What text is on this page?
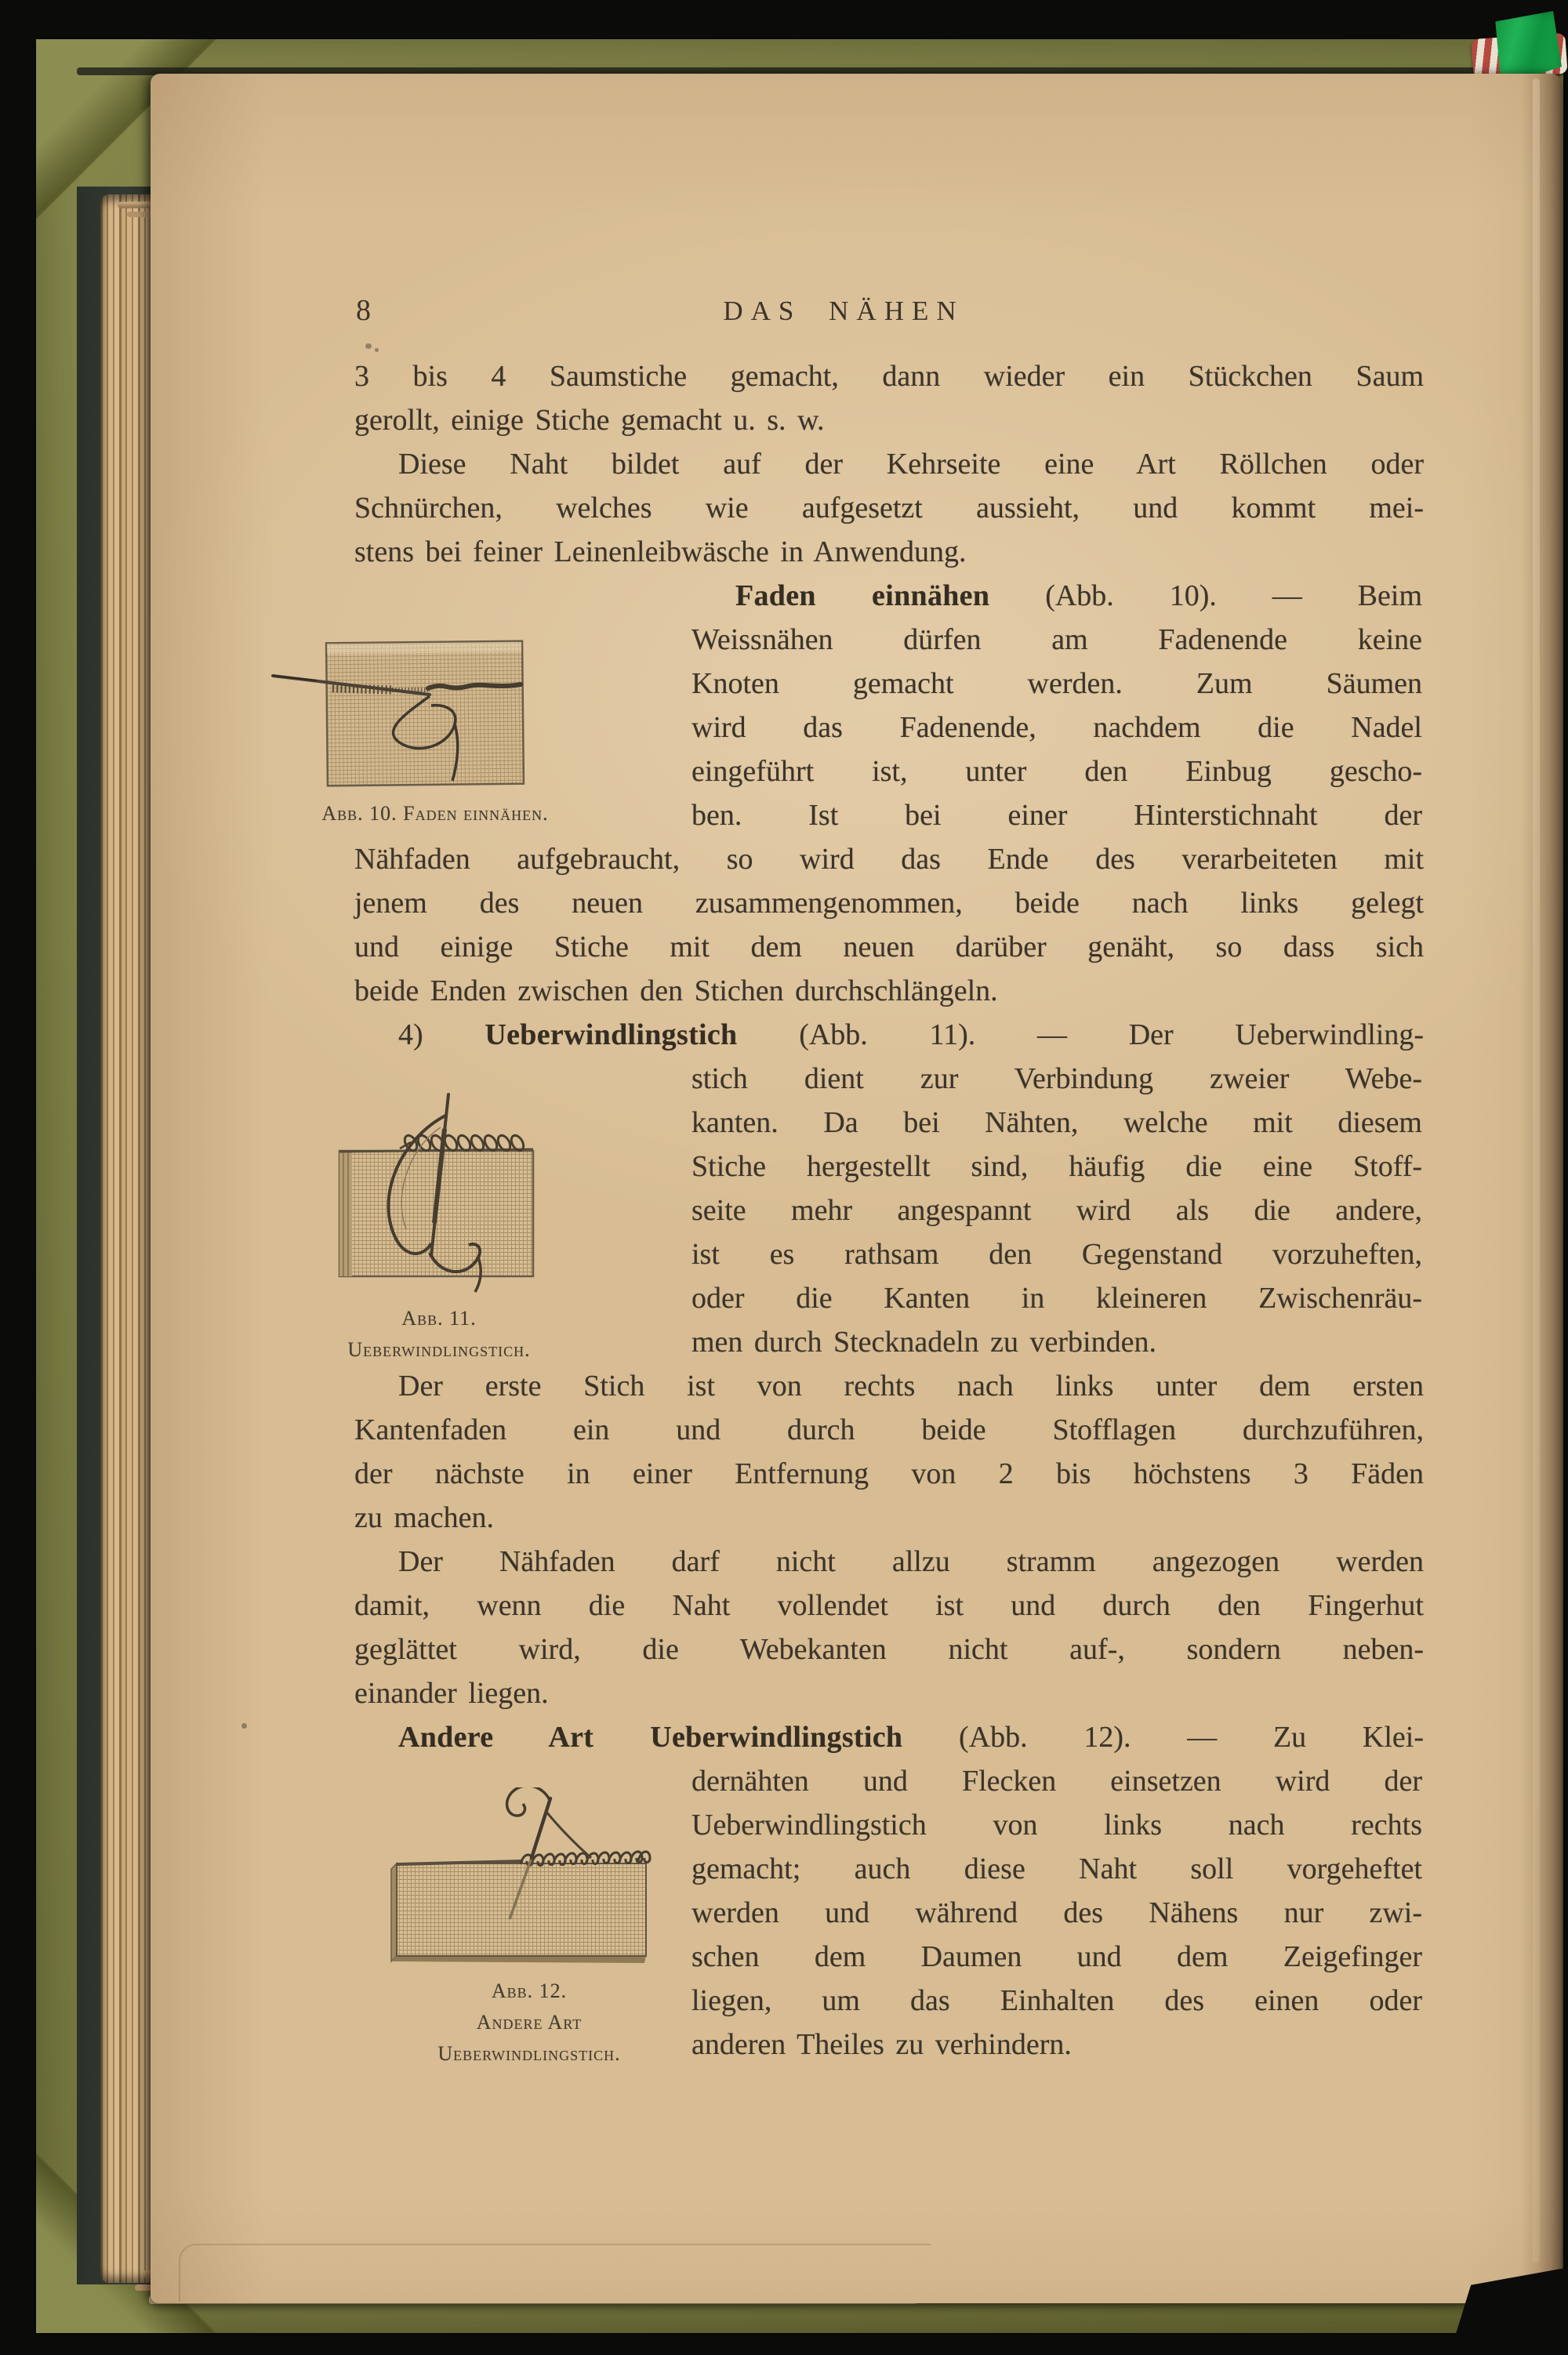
8	DAS NÄHEN
3 bis 4 Saumstiche gemacht, dann wieder ein Stückchen Saum
gerollt, einige Stiche gemacht u. s. w.
Diese Naht bildet auf der Kehrseite eine Art Röllchen oder
Schnürchen, welches wie aufgesetzt aussieht, und kommt mei-
stens bei feiner Leinenleibwäsche in Anwendung.
Faden einnähen (Abb. 10). — Beim
Weissnähen dürfen am Fadenende keine
Knoten gemacht werden. Zum Säumen
wird das Fadenende, nachdem die Nadel
eingeführt ist, unter den Einbug gescho-
ben. Ist bei einer Hinterstichnaht der
Nähfaden aufgebraucht, so wird das Ende des verarbeiteten mit
jenem des neuen zusammengenommen, beide nach links gelegt
und einige Stiche mit dem neuen darüber genäht, so dass sich
beide Enden zwischen den Stichen durchschlängeln.
4) Ueberwindlingstich (Abb. 11). — Der Ueberwindling-
stich dient zur Verbindung zweier Webe-
kanten. Da bei Nähten, welche mit diesem
Stiche hergestellt sind, häufig die eine Stoff-
seite mehr angespannt wird als die andere,
ist es rathsam den Gegenstand vorzuheften,
oder die Kanten in kleineren Zwischenräu-
men durch Stecknadeln zu verbinden.
Der erste Stich ist von rechts nach links unter dem ersten
Kantenfaden ein und durch beide Stofflagen durchzuführen,
der nächste in einer Entfernung von 2 bis höchstens 3 Fäden
zu machen.
Der Nähfaden darf nicht allzu stramm angezogen werden
damit, wenn die Naht vollendet ist und durch den Fingerhut
geglättet wird, die Webekanten nicht auf-, sondern neben-
einander liegen.
Andere Art Ueberwindlingstich (Abb. 12). — Zu Klei-
dernähten und Flecken einsetzen wird der
Ueberwindlingstich von links nach rechts
gemacht; auch diese Naht soll vorgeheftet
werden und während des Nähens nur zwi-
schen dem Daumen und dem Zeigefinger
liegen, um das Einhalten des einen oder
anderen Theiles zu verhindern.
Abb. 10. Faden einnähen.
Abb. 11.
Ueberwindlingstich.
Abb. 12.
Andere Art
Ueberwindlingstich.
